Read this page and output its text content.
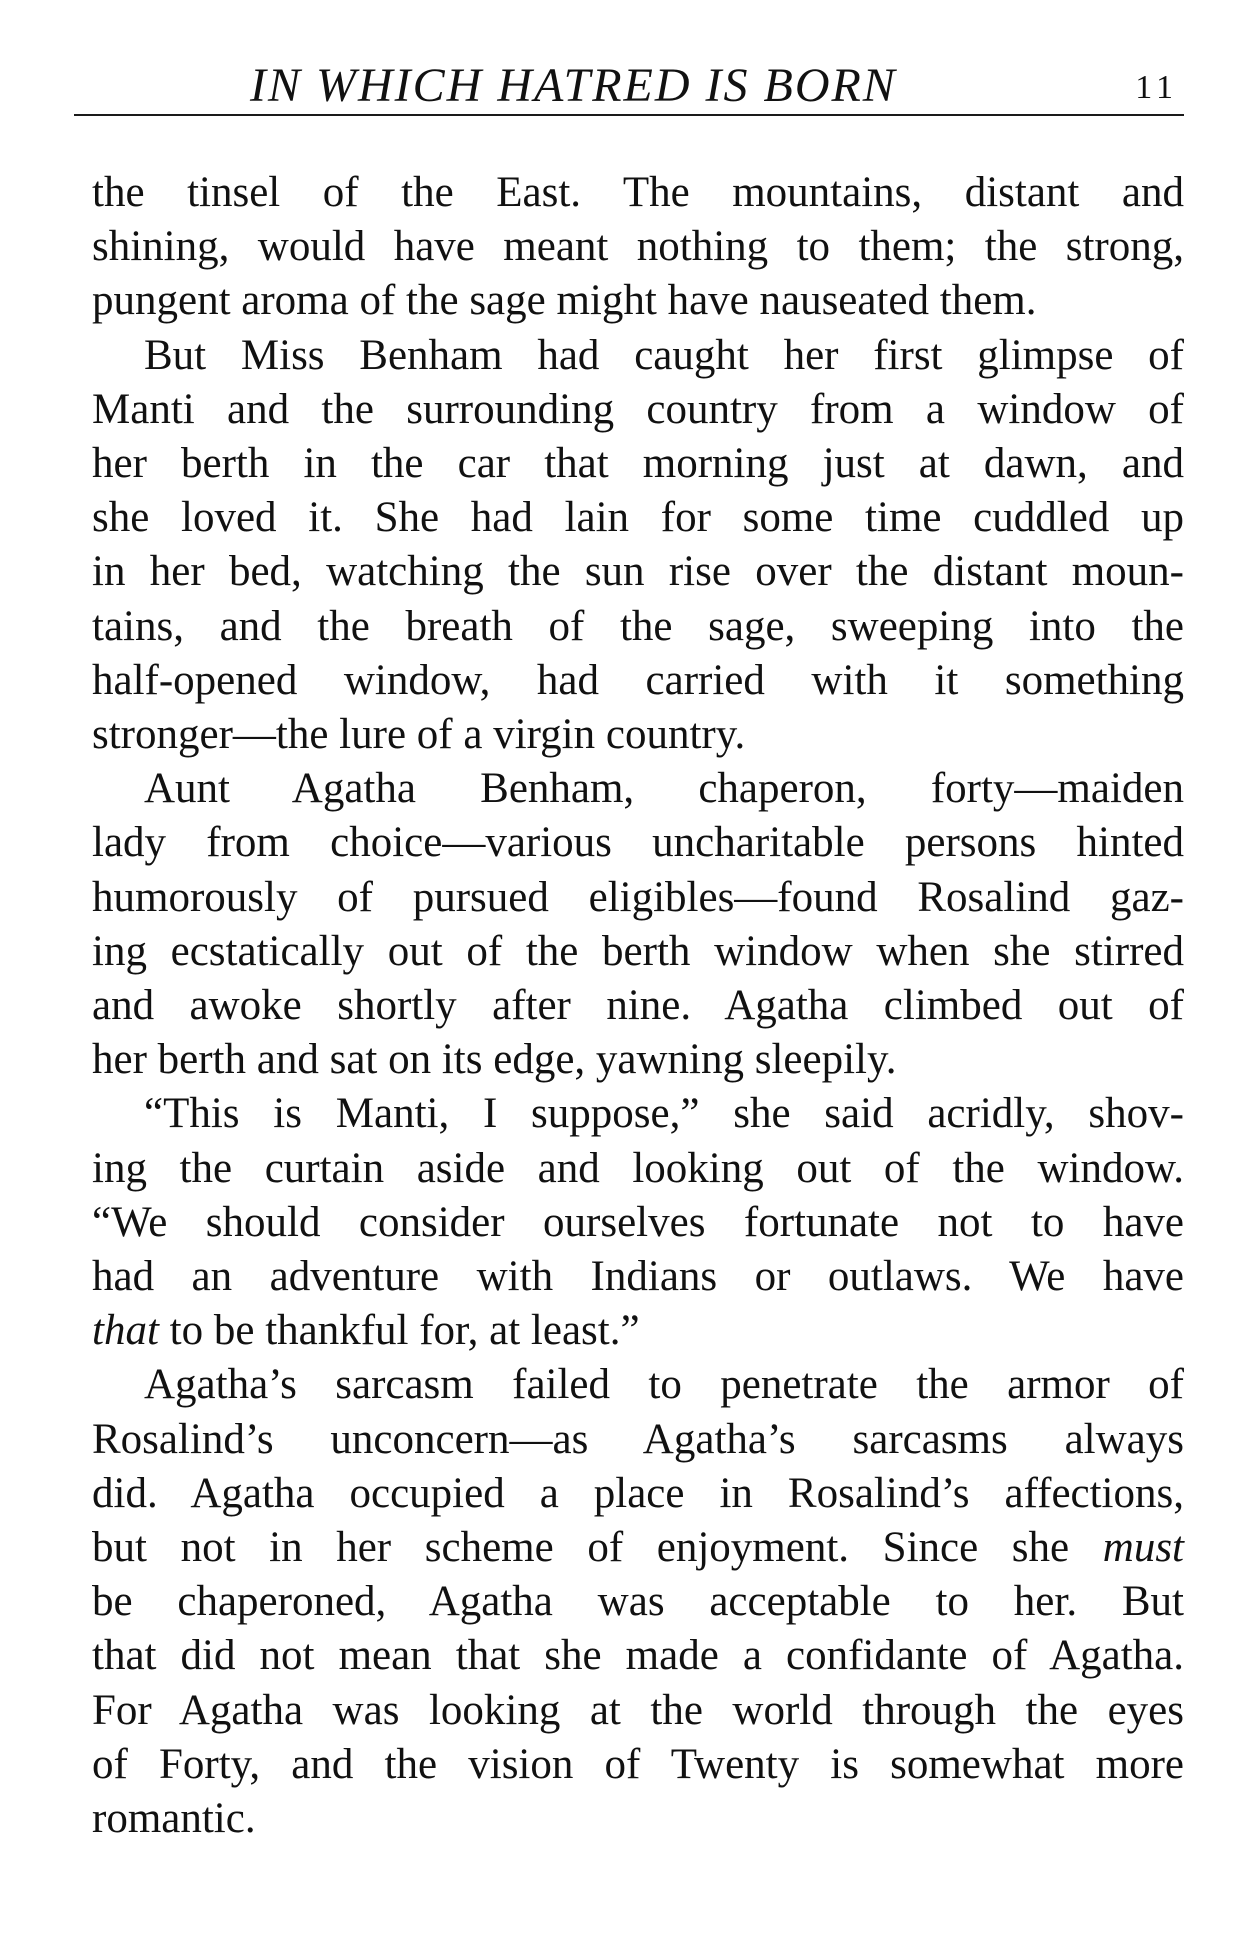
IN WHICH HATRED IS BORN	11
the tinsel of the East. The mountains, distant and
shining, would have meant nothing to them; the strong,
pungent aroma of the sage might have nauseated them.
But Miss Benham had caught her first glimpse of
Manti and the surrounding country from a window of
her berth in the car that morning just at dawn, and
she loved it. She had lain for some time cuddled up
in her bed, watching the sun rise over the distant moun-
tains, and the breath of the sage, sweeping into the
half-opened window, had carried with it something
stronger—the lure of a virgin country.
Aunt Agatha Benham, chaperon, forty—maiden
lady from choice—various uncharitable persons hinted
humorously of pursued eligibles—found Rosalind gaz-
ing ecstatically out of the berth window when she stirred
and awoke shortly after nine. Agatha climbed out of
her berth and sat on its edge, yawning sleepily.
“This is Manti, I suppose,” she said acridly, shov-
ing the curtain aside and looking out of the window.
“We should consider ourselves fortunate not to have
had an adventure with Indians or outlaws. We have
that to be thankful for, at least.”
Agatha’s sarcasm failed to penetrate the armor of
Rosalind’s unconcern—as Agatha’s sarcasms always
did. Agatha occupied a place in Rosalind’s affections,
but not in her scheme of enjoyment. Since she must
be chaperoned, Agatha was acceptable to her. But
that did not mean that she made a confidante of Agatha.
For Agatha was looking at the world through the eyes
of Forty, and the vision of Twenty is somewhat more
romantic.
